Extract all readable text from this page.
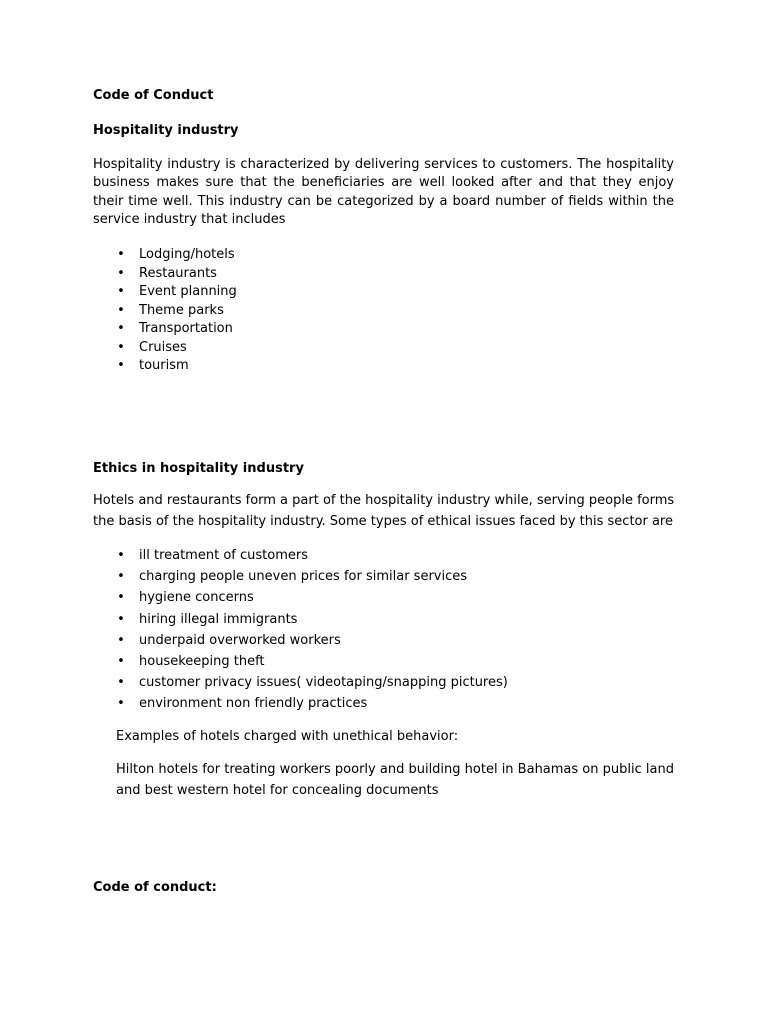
Code of Conduct
Hospitality industry
Hospitality industry is characterized by delivering services to customers. The hospitality business makes sure that the beneficiaries are well looked after and that they enjoy their time well. This industry can be categorized by a board number of fields within the service industry that includes
• Lodging/hotels
• Restaurants
• Event planning
• Theme parks
• Transportation
• Cruises
• tourism
Ethics in hospitality industry
Hotels and restaurants form a part of the hospitality industry while, serving people forms the basis of the hospitality industry. Some types of ethical issues faced by this sector are
• ill treatment of customers
• charging people uneven prices for similar services
• hygiene concerns
• hiring illegal immigrants
• underpaid overworked workers
• housekeeping theft
• customer privacy issues( videotaping/snapping pictures)
• environment non friendly practices
Examples of hotels charged with unethical behavior:
Hilton hotels for treating workers poorly and building hotel in Bahamas on public land and best western hotel for concealing documents
Code of conduct:
